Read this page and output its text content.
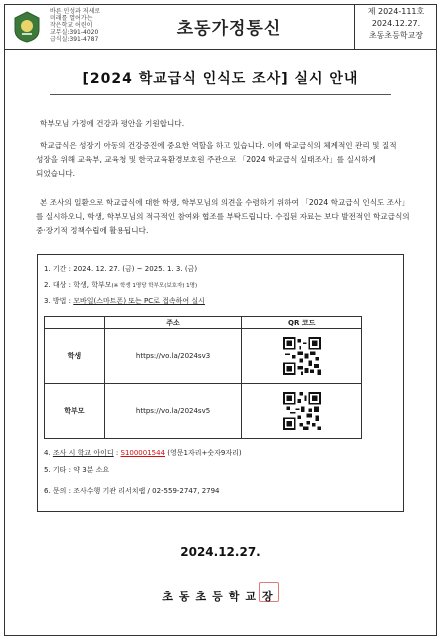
바른 인성과 저세로
미래를 열어가는
작은학교 어린이
교무실:391-4020
급식실:391-4787
초동가정통신
제 2024-111호
2024.12.27.
초동초등학교장
[2024 학교급식 인식도 조사] 실시 안내

학부모님 가정에 건강과 평안을 기원합니다.

학교급식은 성장기 아동의 건강증진에 중요한 역할을 하고 있습니다. 이에 학교급식의 체계적인 관리 및 질적 성장을 위해 교육부, 교육청 및 한국교육환경보호원 주관으로 「2024 학교급식 실태조사」를 실시하게 되었습니다.

본 조사의 일환으로 학교급식에 대한 학생, 학부모님의 의견을 수렴하기 위하여 「2024 학교급식 인식도 조사」를 실시하오니, 학생, 학부모님의 적극적인 참여와 협조를 부탁드립니다. 수집된 자료는 보다 발전적인 학교급식의 중·장기적 정책수립에 활용됩니다.

1. 기간 : 2024. 12. 27. (금) ~ 2025. 1. 3. (금)
2. 대상 : 학생, 학부모(※ 학생 1명당 학부모(보호자) 1명)
3. 방법 : 모바일(스마트폰) 또는 PC로 접속하여 실시
	주소	QR 코드
학생	https://vo.la/2024sv3	

학부모	https://vo.la/2024sv5	
4. 조사 시 학교 아이디 : S100001544 (영문1자리+숫자9자리)
5. 기타 : 약 3분 소요
6. 문의 : 조사수행 기관 리서치랩 / 02-559-2747, 2794
2024.12.27.
초동초등학교장
